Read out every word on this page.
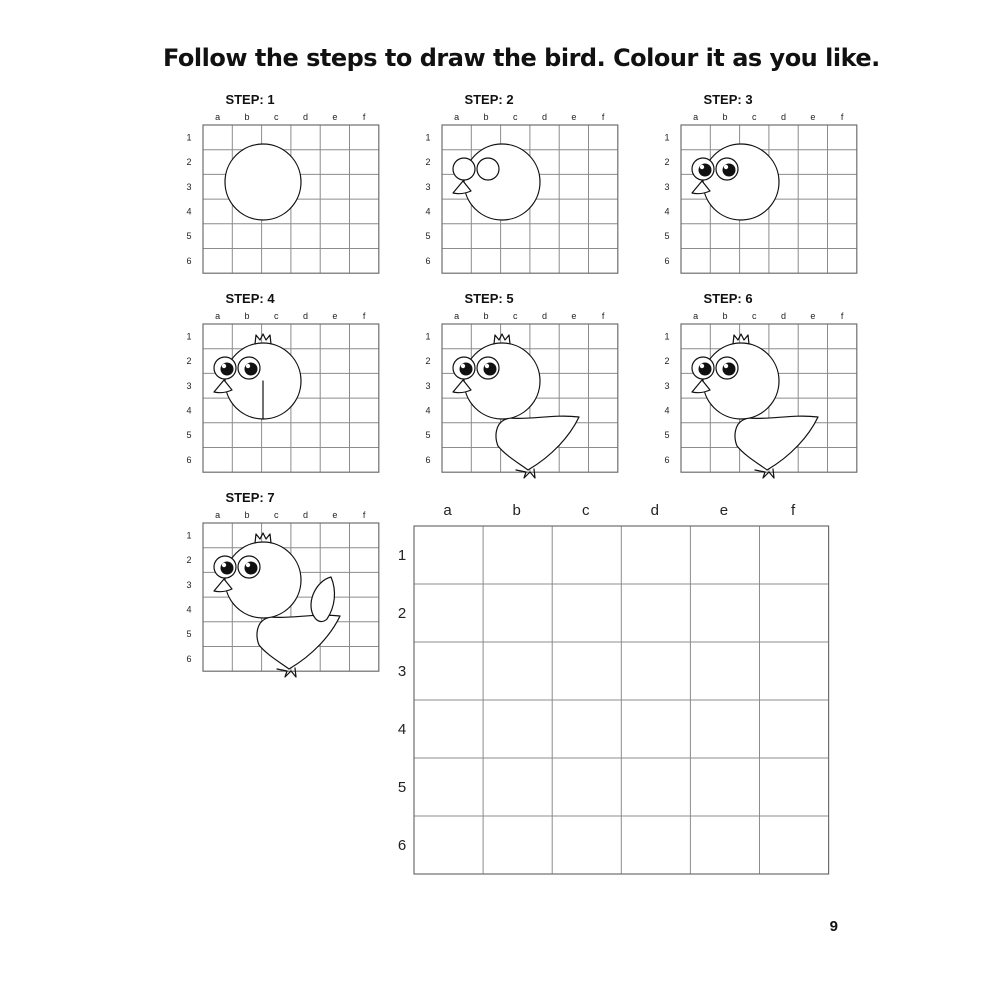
Follow the steps to draw the bird. Colour it as you like.
STEP: 1
a	b	c	d	e	f
1
2
3
4
5
6
STEP: 2
a	b	c	d	e	f
1
2
3
4
5
6
STEP: 3
a	b	c	d	e	f
1
2
3
4
5
6
STEP: 4
a	b	c	d	e	f
1
2
3
4
5
6
STEP: 5
a	b	c	d	e	f
1
2
3
4
5
6
STEP: 6
a	b	c	d	e	f
1
2
3
4
5
6
STEP: 7
a	b	c	d	e	f
1
2
3
4
5
6
a	b	c	d	e	f
1
2
3
4
5
6
9
